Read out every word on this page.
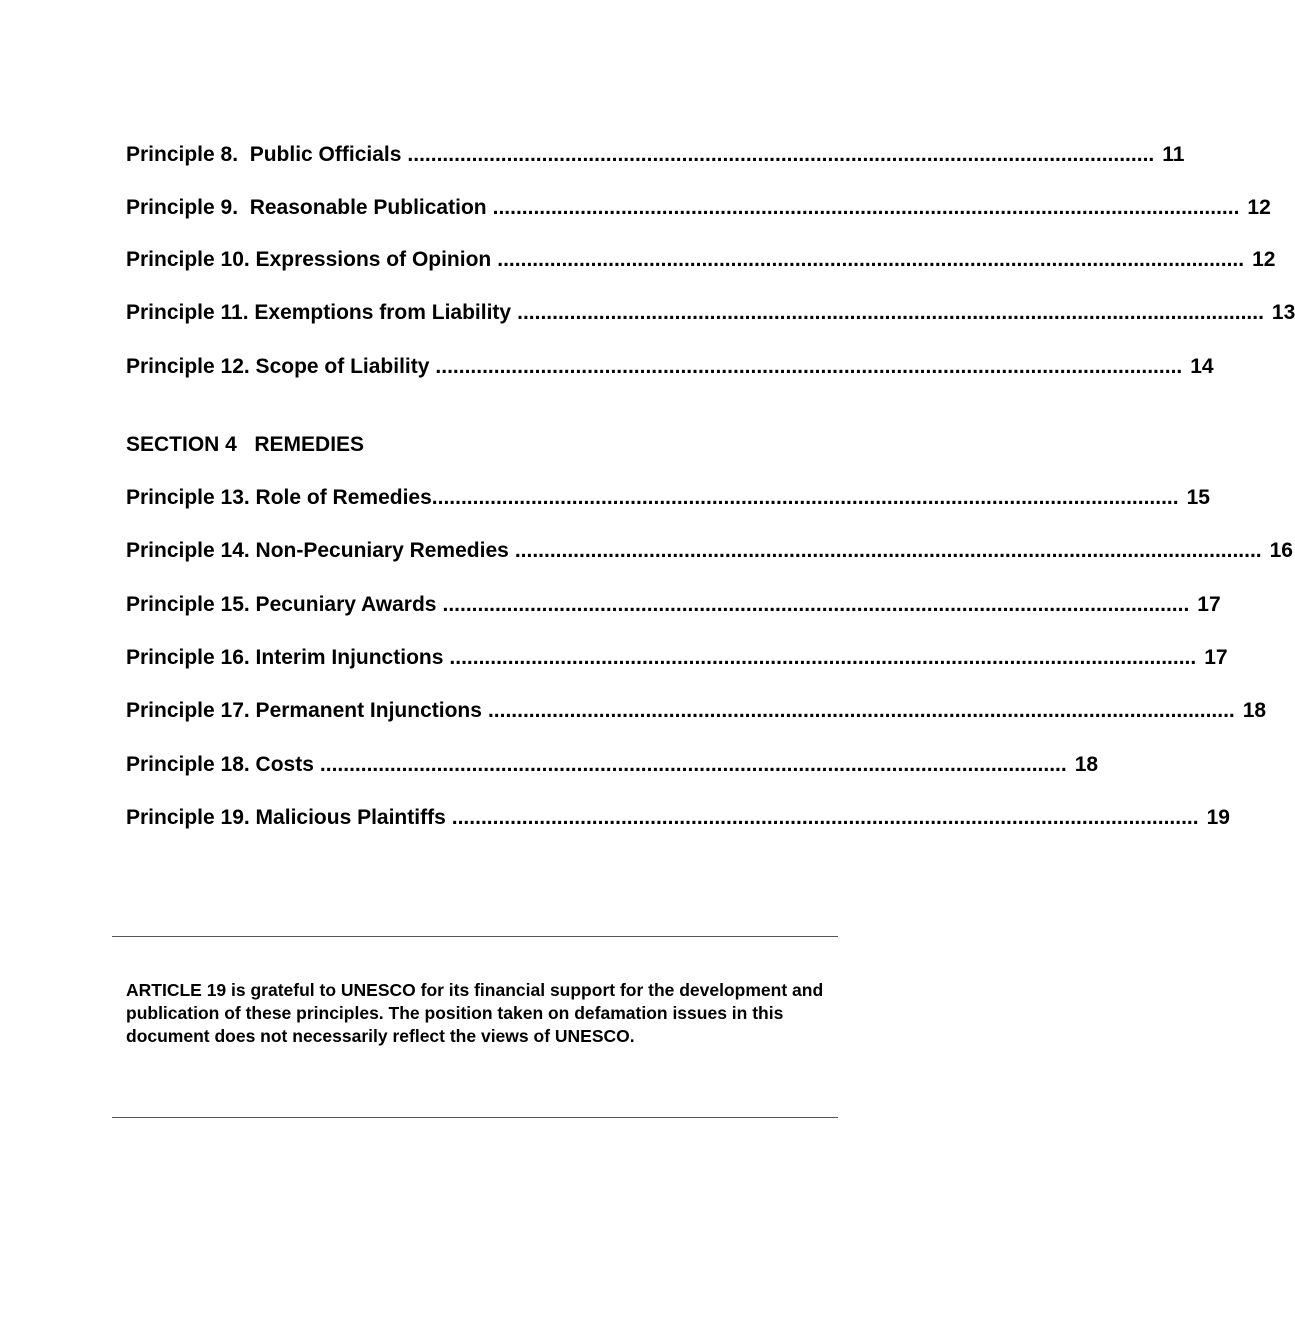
Principle 8.  Public Officials ................................................................................................................................ 11
Principle 9.  Reasonable Publication ................................................................................................................................ 12
Principle 10. Expressions of Opinion ................................................................................................................................ 12
Principle 11. Exemptions from Liability ................................................................................................................................ 13
Principle 12. Scope of Liability ................................................................................................................................ 14
SECTION 4   REMEDIES
Principle 13. Role of Remedies ................................................................................................................................ 15
Principle 14. Non-Pecuniary Remedies ................................................................................................................................ 16
Principle 15. Pecuniary Awards ................................................................................................................................ 17
Principle 16. Interim Injunctions ................................................................................................................................ 17
Principle 17. Permanent Injunctions ................................................................................................................................ 18
Principle 18. Costs ................................................................................................................................ 18
Principle 19. Malicious Plaintiffs ................................................................................................................................ 19
ARTICLE 19 is grateful to UNESCO for its financial support for the development and publication of these principles. The position taken on defamation issues in this document does not necessarily reflect the views of UNESCO.
